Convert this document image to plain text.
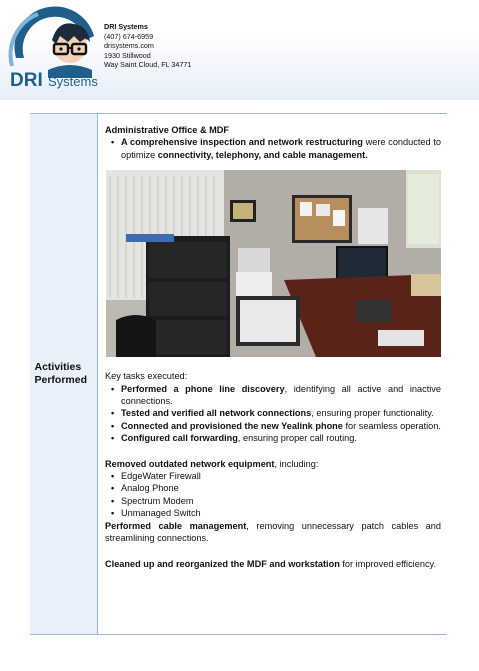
DRI Systems
DRI Systems
(407) 674-6959
drisystems.com
1930 Stillwood
Way Saint Cloud, FL 34771
Activities Performed
Administrative Office & MDF
• A comprehensive inspection and network restructuring were conducted to optimize connectivity, telephony, and cable management.
Key tasks executed:
• Performed a phone line discovery, identifying all active and inactive connections.
• Tested and verified all network connections, ensuring proper functionality.
• Connected and provisioned the new Yealink phone for seamless operation.
• Configured call forwarding, ensuring proper call routing.
Removed outdated network equipment, including:
• EdgeWater Firewall
• Analog Phone
• Spectrum Modem
• Unmanaged Switch
Performed cable management, removing unnecessary patch cables and streamlining connections.
Cleaned up and reorganized the MDF and workstation for improved efficiency.
